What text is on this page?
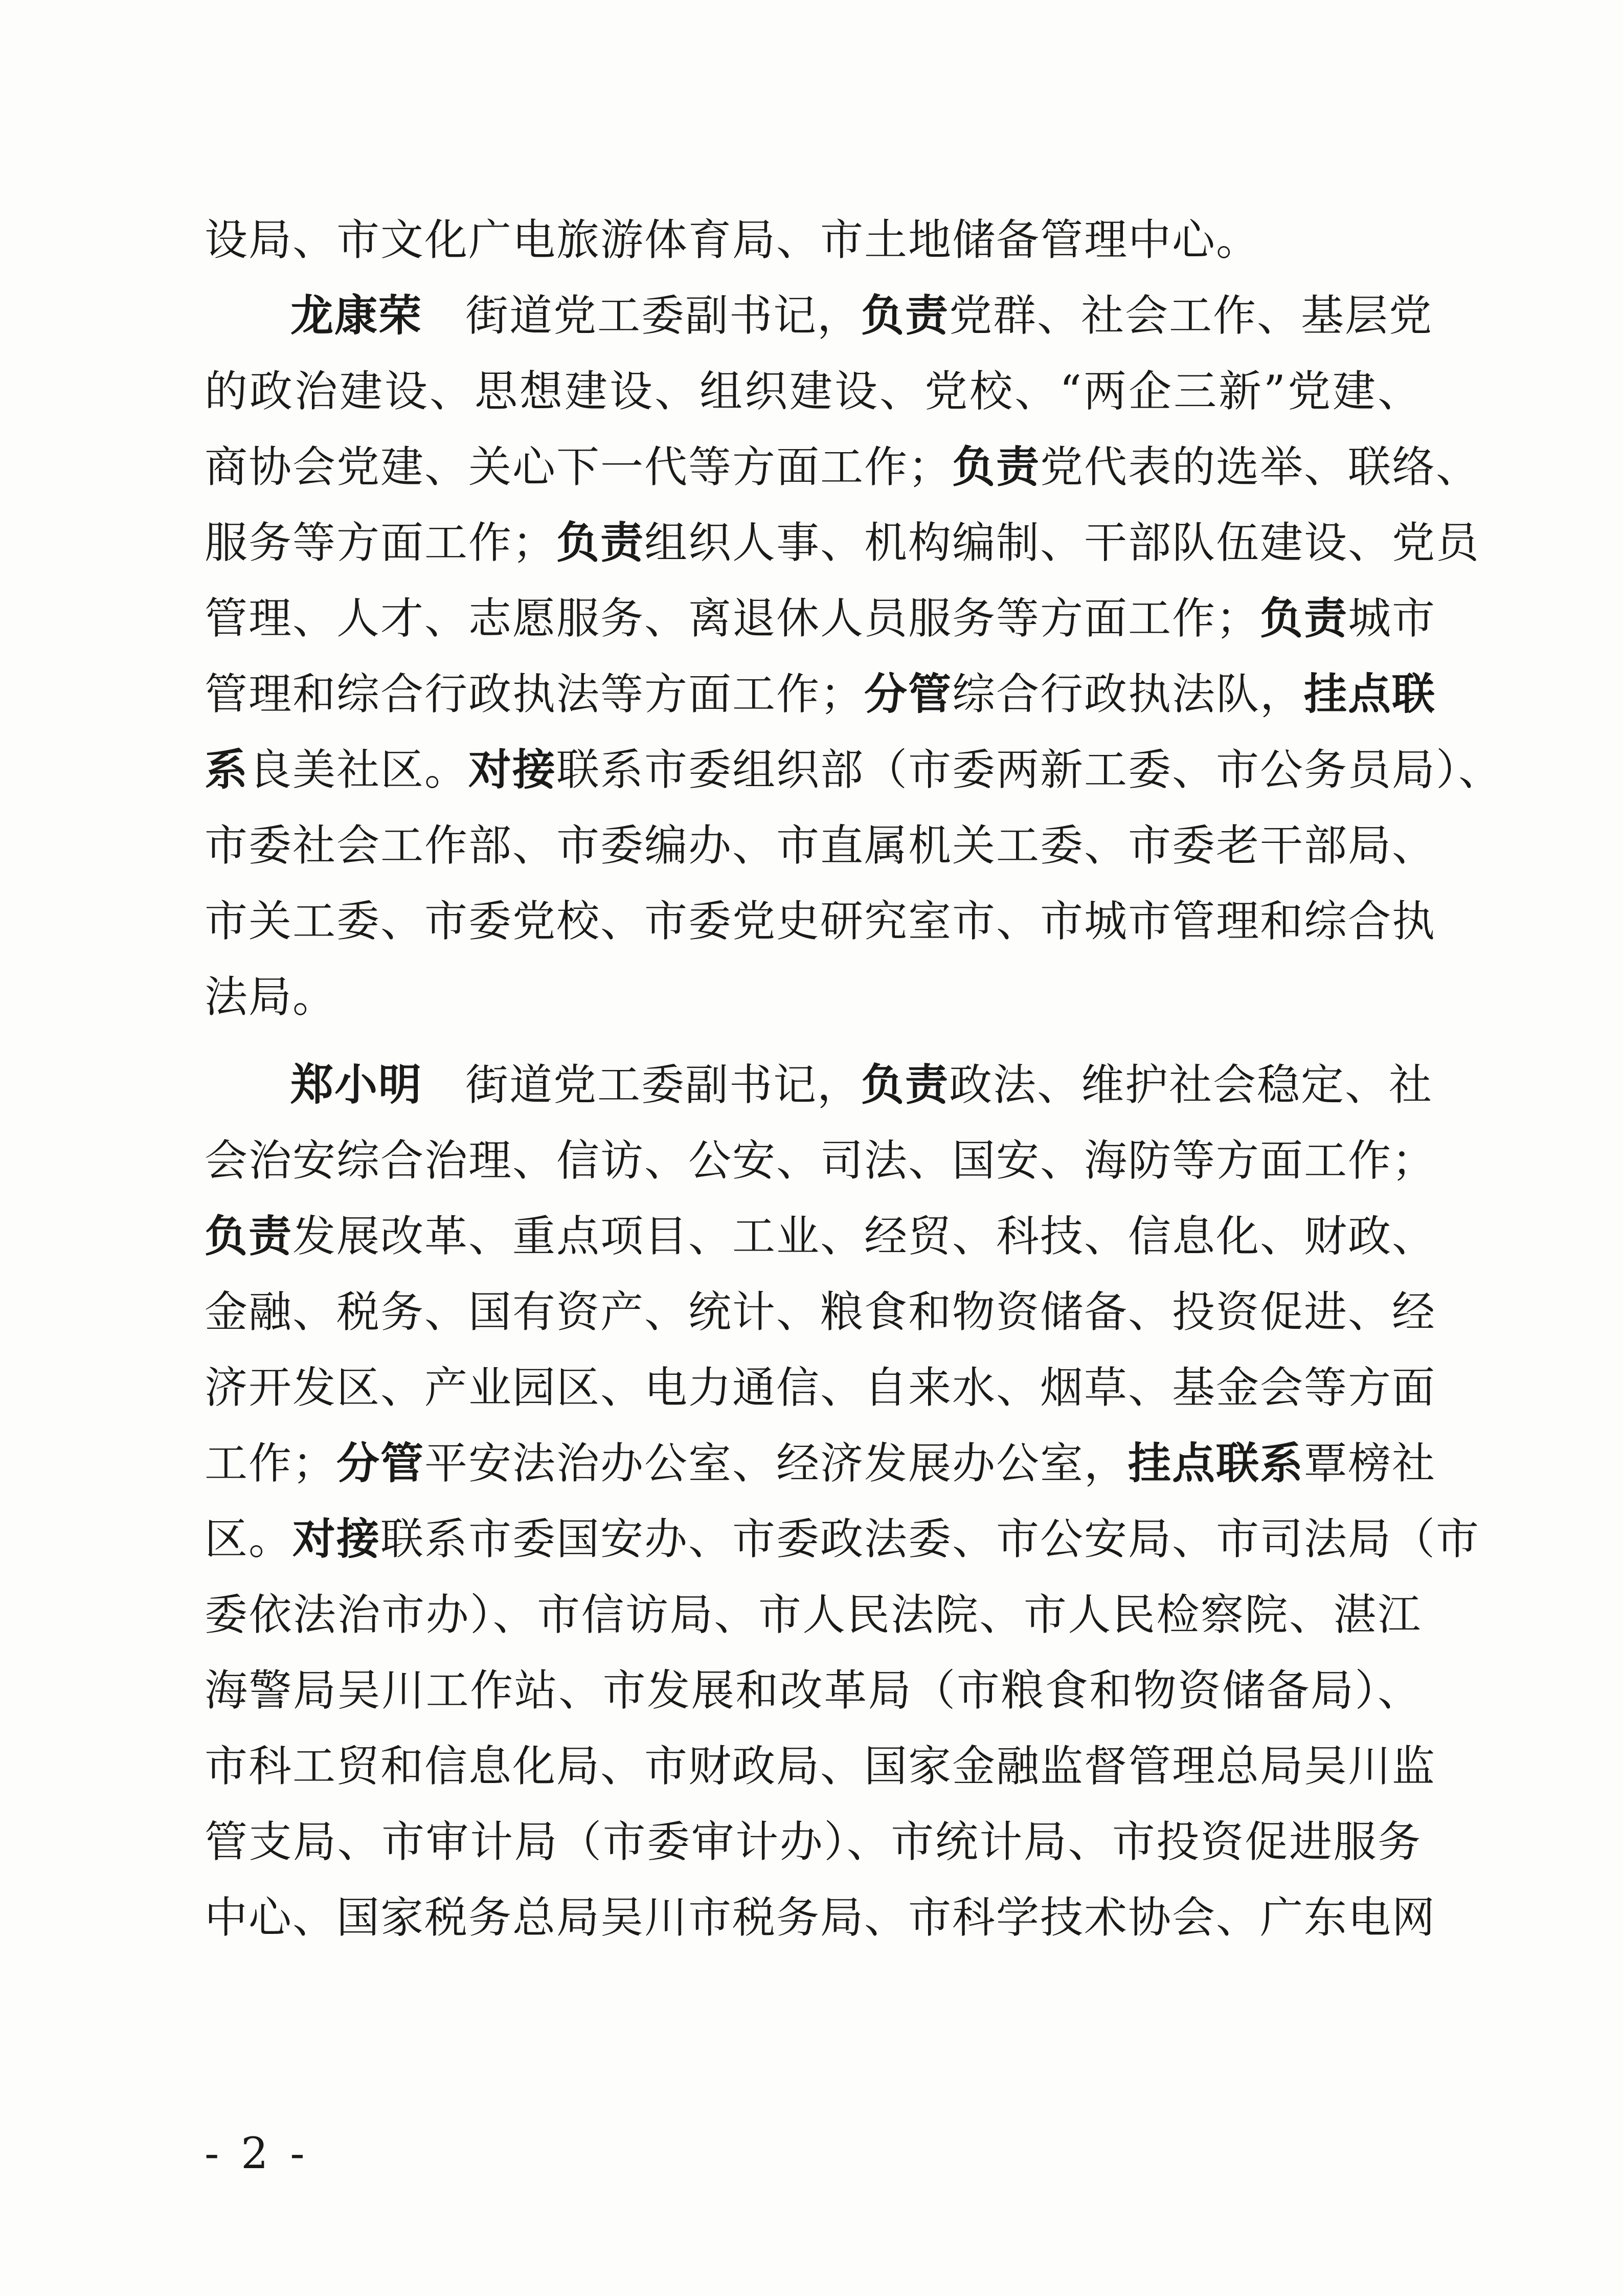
设局、市文化广电旅游体育局、市土地储备管理中心。
龙康荣 街道党工委副书记，负责党群、社会工作、基层党
的政治建设、思想建设、组织建设、党校、“两企三新”党建、
商协会党建、关心下一代等方面工作；负责党代表的选举、联络、
服务等方面工作；负责组织人事、机构编制、干部队伍建设、党员
管理、人才、志愿服务、离退休人员服务等方面工作；负责城市
管理和综合行政执法等方面工作；分管综合行政执法队，挂点联
系良美社区。对接联系市委组织部（市委两新工委、市公务员局）、
市委社会工作部、市委编办、市直属机关工委、市委老干部局、
市关工委、市委党校、市委党史研究室市、市城市管理和综合执
法局。
郑小明 街道党工委副书记，负责政法、维护社会稳定、社
会治安综合治理、信访、公安、司法、国安、海防等方面工作；
负责发展改革、重点项目、工业、经贸、科技、信息化、财政、
金融、税务、国有资产、统计、粮食和物资储备、投资促进、经
济开发区、产业园区、电力通信、自来水、烟草、基金会等方面
工作；分管平安法治办公室、经济发展办公室，挂点联系覃榜社
区。对接联系市委国安办、市委政法委、市公安局、市司法局（市
委依法治市办）、市信访局、市人民法院、市人民检察院、湛江
海警局吴川工作站、市发展和改革局（市粮食和物资储备局）、
市科工贸和信息化局、市财政局、国家金融监督管理总局吴川监
管支局、市审计局（市委审计办）、市统计局、市投资促进服务
中心、国家税务总局吴川市税务局、市科学技术协会、广东电网
- 2 -
